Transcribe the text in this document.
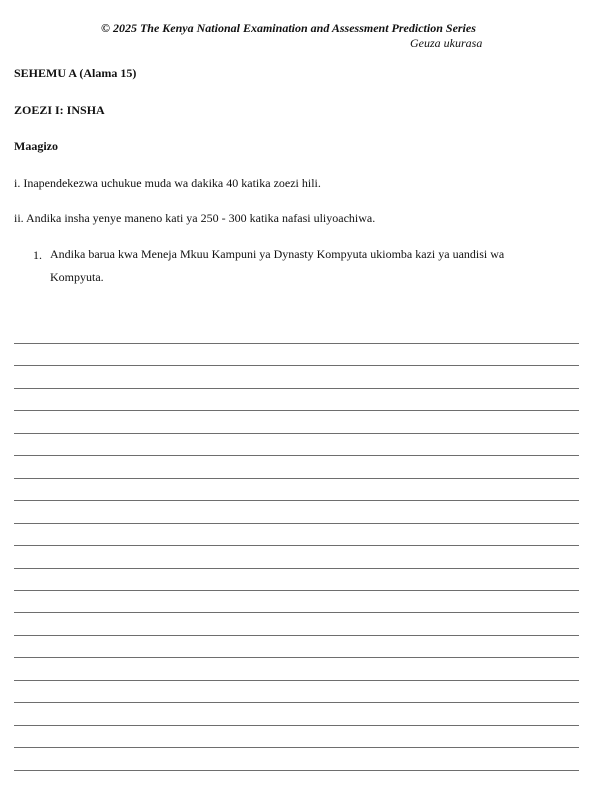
© 2025 The Kenya National Examination and Assessment Prediction Series
Geuza ukurasa
SEHEMU A (Alama 15)
ZOEZI I: INSHA
Maagizo
i. Inapendekezwa uchukue muda wa dakika 40 katika zoezi hili.
ii. Andika insha yenye maneno kati ya 250 - 300 katika nafasi uliyoachiwa.
1. Andika barua kwa Meneja Mkuu Kampuni ya Dynasty Kompyuta ukiomba kazi ya uandisi wa
Kompyuta.
